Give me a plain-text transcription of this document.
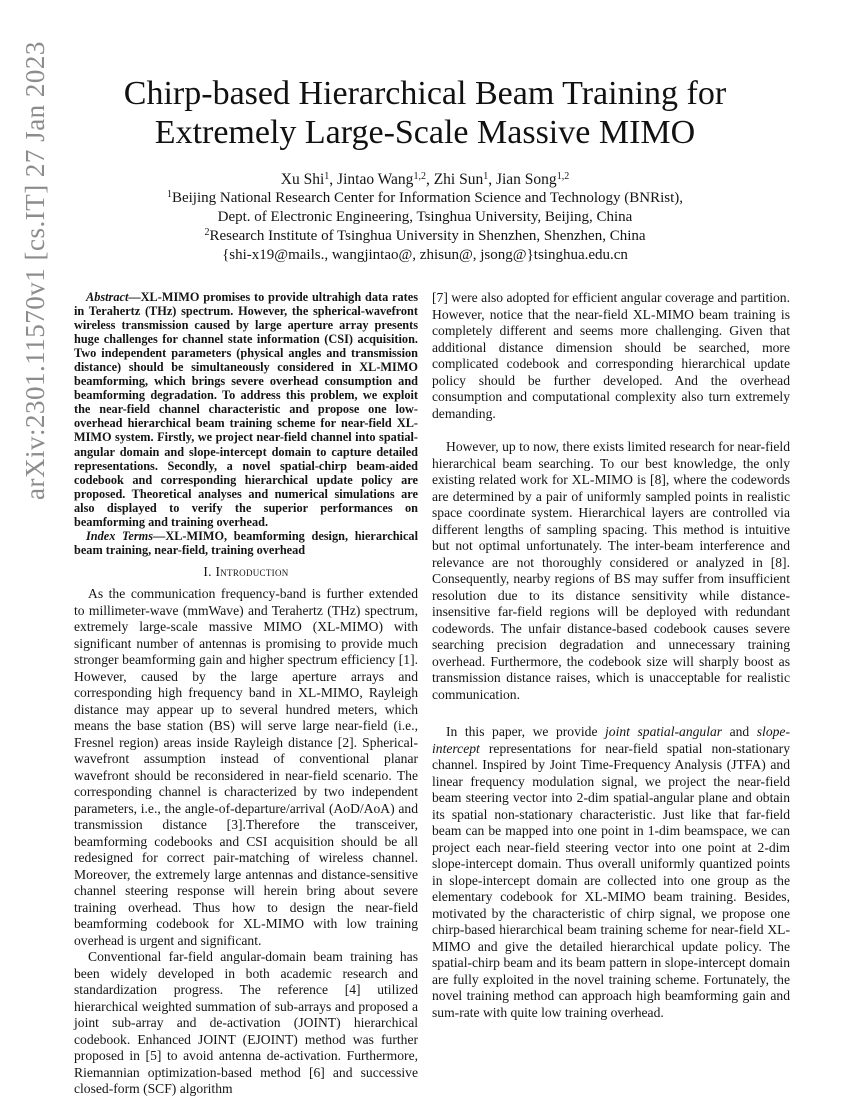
arXiv:2301.11570v1 [cs.IT] 27 Jan 2023	Chirp-based Hierarchical Beam Training for
Extremely Large-Scale Massive MIMO
Xu Shi$^1$, Jintao Wang$^{1,2}$, Zhi Sun$^1$, Jian Song$^{1,2}$
$^1$Beijing National Research Center for Information Science and Technology (BNRist),
Dept. of Electronic Engineering, Tsinghua University, Beijing, China
$^2$Research Institute of Tsinghua University in Shenzhen, Shenzhen, China
{shi-x19@mails., wangjintao@, zhisun@, jsong@}tsinghua.edu.cn

Abstract—XL-MIMO promises to provide ultrahigh data rates in Terahertz (THz) spectrum. However, the spherical-wavefront wireless transmission caused by large aperture array presents huge challenges for channel state information (CSI) acquisition. Two independent parameters (physical angles and transmission distance) should be simultaneously considered in XL-MIMO beamforming, which brings severe overhead consumption and beamforming degradation. To address this problem, we exploit the near-field channel characteristic and propose one low-overhead hierarchical beam training scheme for near-field XL-MIMO system. Firstly, we project near-field channel into spatial-angular domain and slope-intercept domain to capture detailed representations. Secondly, a novel spatial-chirp beam-aided codebook and corresponding hierarchical update policy are proposed. Theoretical analyses and numerical simulations are also displayed to verify the superior performances on beamforming and training overhead.

Index Terms—XL-MIMO, beamforming design, hierarchical beam training, near-field, training overhead

I. Introduction

As the communication frequency-band is further extended to millimeter-wave (mmWave) and Terahertz (THz) spectrum, extremely large-scale massive MIMO (XL-MIMO) with significant number of antennas is promising to provide much stronger beamforming gain and higher spectrum efficiency [1]. However, caused by the large aperture arrays and corresponding high frequency band in XL-MIMO, Rayleigh distance may appear up to several hundred meters, which means the base station (BS) will serve large near-field (i.e., Fresnel region) areas inside Rayleigh distance [2]. Spherical-wavefront assumption instead of conventional planar wavefront should be reconsidered in near-field scenario. The corresponding channel is characterized by two independent parameters, i.e., the angle-of-departure/arrival (AoD/AoA) and transmission distance [3].Therefore the transceiver, beamforming codebooks and CSI acquisition should be all redesigned for correct pair-matching of wireless channel. Moreover, the extremely large antennas and distance-sensitive channel steering response will herein bring about severe training overhead. Thus how to design the near-field beamforming codebook for XL-MIMO with low training overhead is urgent and significant.

Conventional far-field angular-domain beam training has been widely developed in both academic research and standardization progress. The reference [4] utilized hierarchical weighted summation of sub-arrays and proposed a joint sub-array and de-activation (JOINT) hierarchical codebook. Enhanced JOINT (EJOINT) method was further proposed in [5] to avoid antenna de-activation. Furthermore, Riemannian optimization-based method [6] and successive closed-form (SCF) algorithm

[7] were also adopted for efficient angular coverage and partition. However, notice that the near-field XL-MIMO beam training is completely different and seems more challenging. Given that additional distance dimension should be searched, more complicated codebook and corresponding hierarchical update policy should be further developed. And the overhead consumption and computational complexity also turn extremely demanding.

However, up to now, there exists limited research for near-field hierarchical beam searching. To our best knowledge, the only existing related work for XL-MIMO is [8], where the codewords are determined by a pair of uniformly sampled points in realistic space coordinate system. Hierarchical layers are controlled via different lengths of sampling spacing. This method is intuitive but not optimal unfortunately. The inter-beam interference and relevance are not thoroughly considered or analyzed in [8]. Consequently, nearby regions of BS may suffer from insufficient resolution due to its distance sensitivity while distance-insensitive far-field regions will be deployed with redundant codewords. The unfair distance-based codebook causes severe searching precision degradation and unnecessary training overhead. Furthermore, the codebook size will sharply boost as transmission distance raises, which is unacceptable for realistic communication.

In this paper, we provide joint spatial-angular and slope-intercept representations for near-field spatial non-stationary channel. Inspired by Joint Time-Frequency Analysis (JTFA) and linear frequency modulation signal, we project the near-field beam steering vector into 2-dim spatial-angular plane and obtain its spatial non-stationary characteristic. Just like that far-field beam can be mapped into one point in 1-dim beamspace, we can project each near-field steering vector into one point at 2-dim slope-intercept domain. Thus overall uniformly quantized points in slope-intercept domain are collected into one group as the elementary codebook for XL-MIMO beam training. Besides, motivated by the characteristic of chirp signal, we propose one chirp-based hierarchical beam training scheme for near-field XL-MIMO and give the detailed hierarchical update policy. The spatial-chirp beam and its beam pattern in slope-intercept domain are fully exploited in the novel training scheme. Fortunately, the novel training method can approach high beamforming gain and sum-rate with quite low training overhead.
